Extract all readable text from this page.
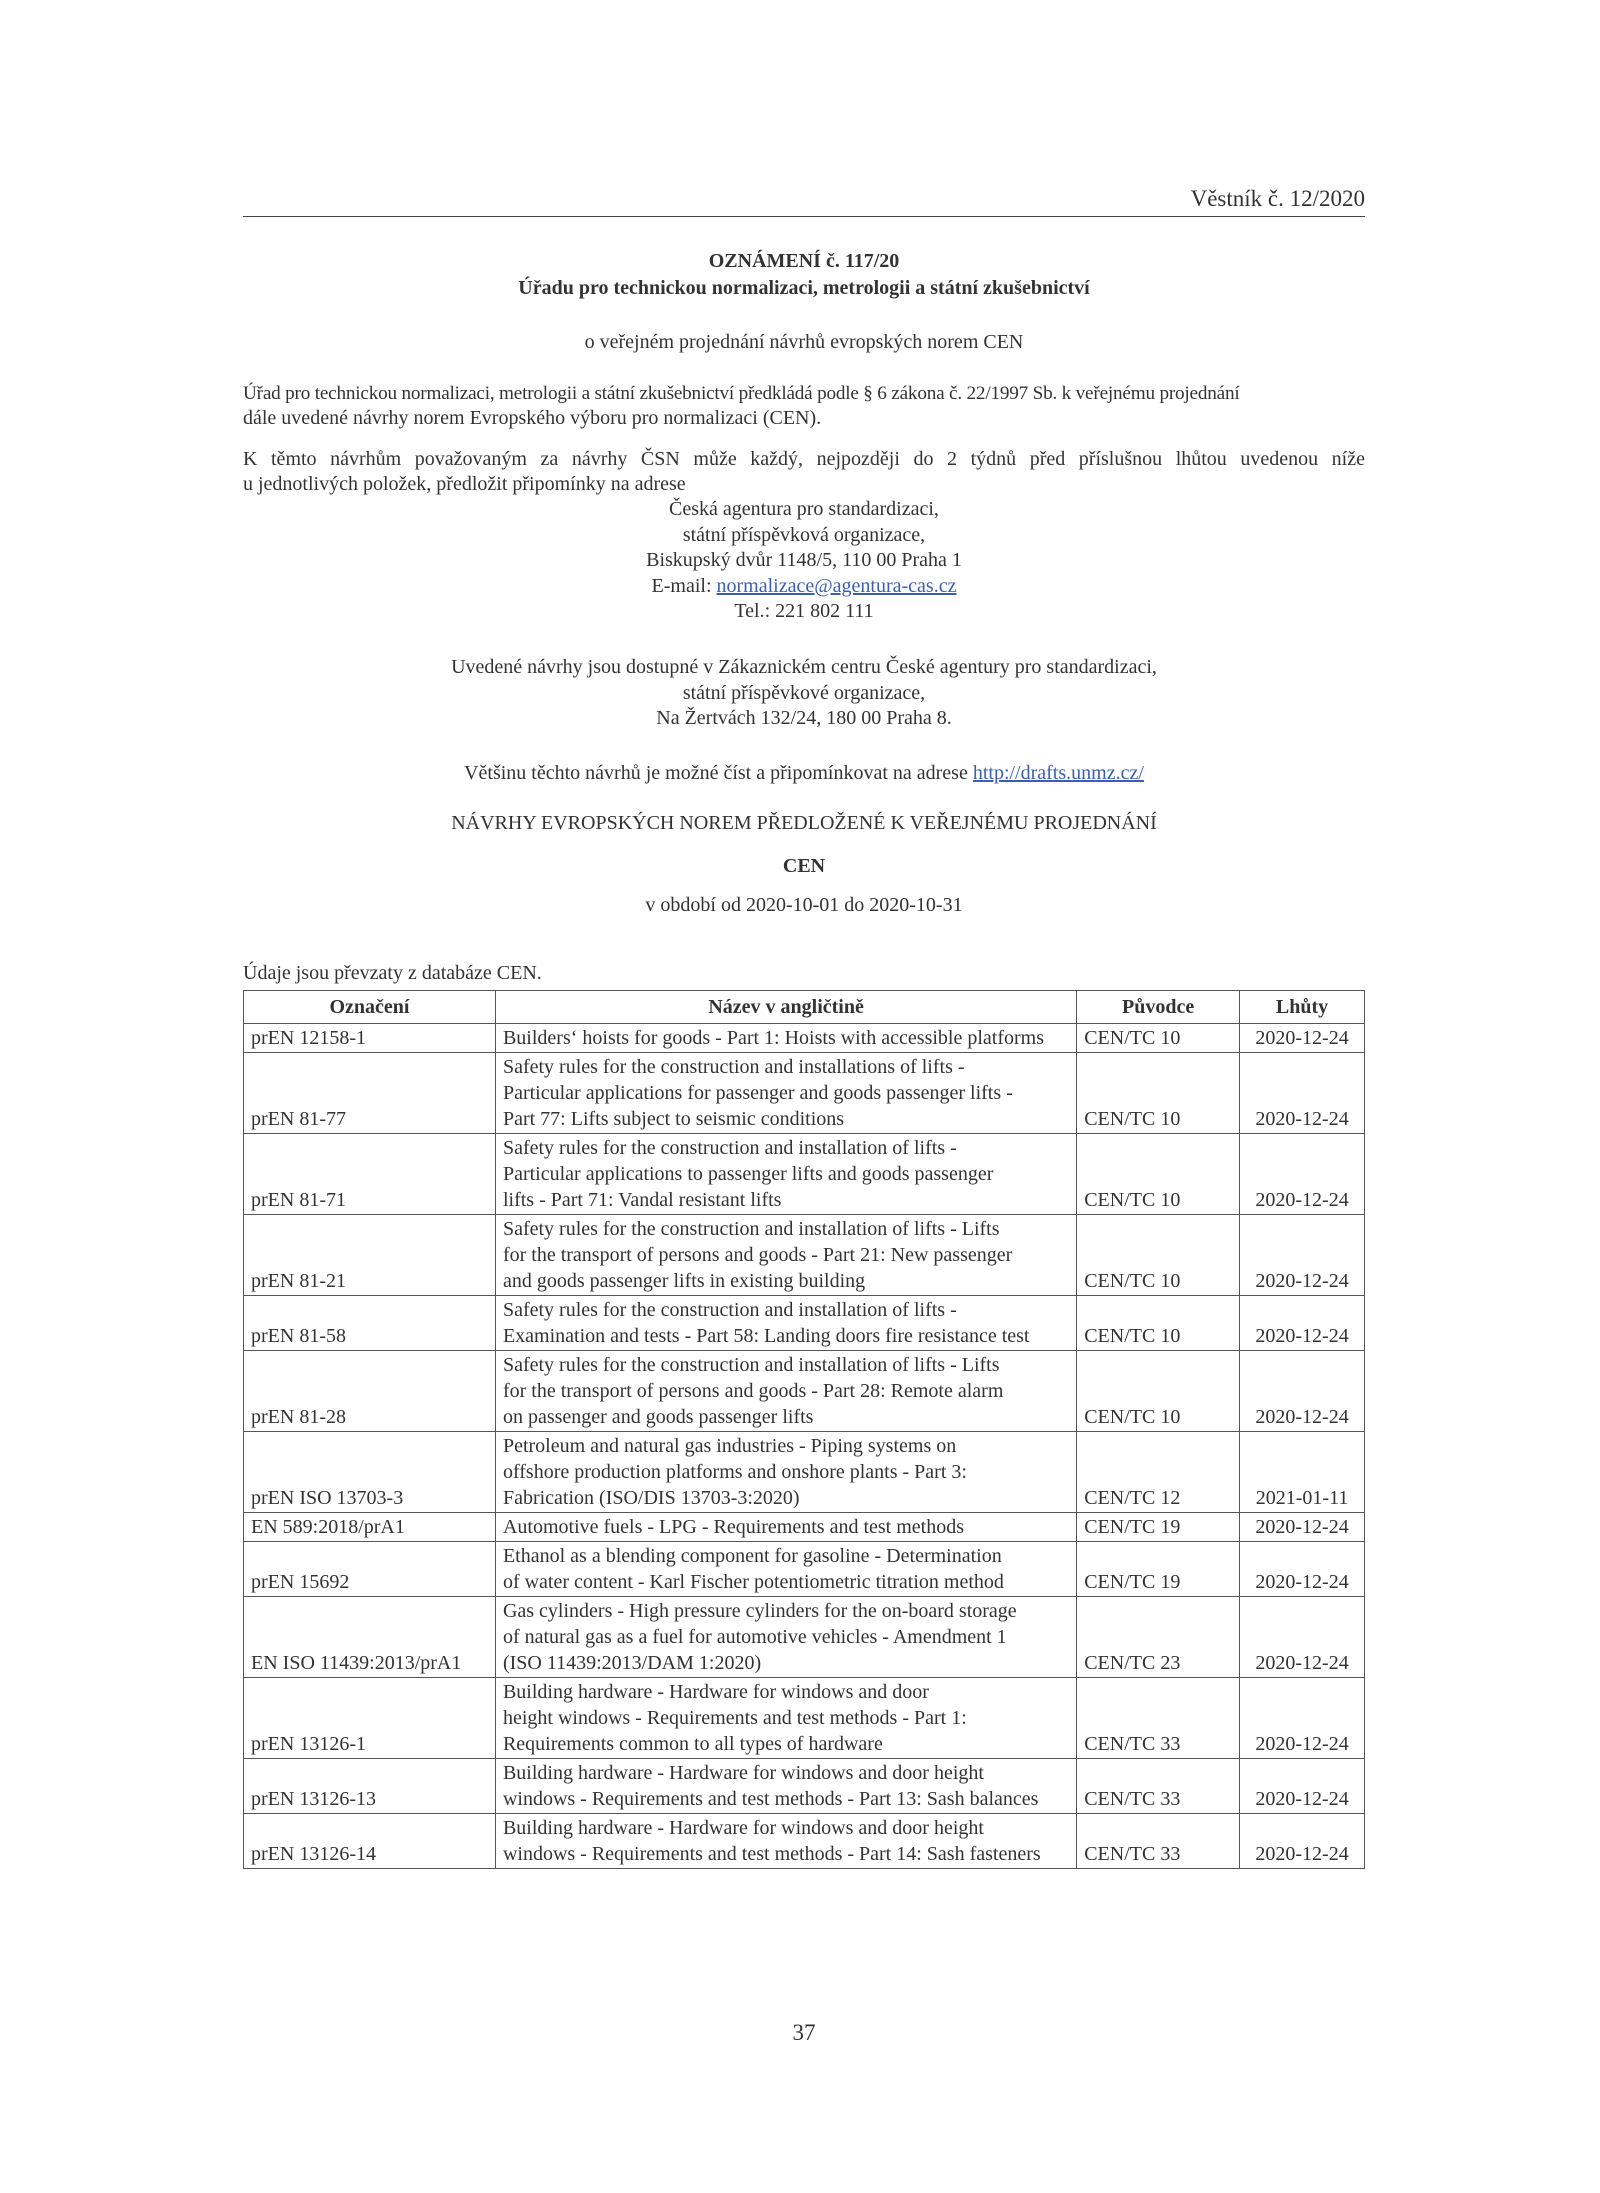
Věstník č. 12/2020
OZNÁMENÍ č. 117/20
Úřadu pro technickou normalizaci, metrologii a státní zkušebnictví
o veřejném projednání návrhů evropských norem CEN
Úřad pro technickou normalizaci, metrologii a státní zkušebnictví předkládá podle § 6 zákona č. 22/1997 Sb. k veřejnému projednání
dále uvedené návrhy norem Evropského výboru pro normalizaci (CEN).
K těmto návrhům považovaným za návrhy ČSN může každý, nejpozději do 2 týdnů před příslušnou lhůtou uvedenou níže
u jednotlivých položek, předložit připomínky na adrese
Česká agentura pro standardizaci,
státní příspěvková organizace,
Biskupský dvůr 1148/5, 110 00 Praha 1
E-mail: normalizace@agentura-cas.cz
Tel.: 221 802 111
Uvedené návrhy jsou dostupné v Zákaznickém centru České agentury pro standardizaci,
státní příspěvkové organizace,
Na Žertvách 132/24, 180 00 Praha 8.
Většinu těchto návrhů je možné číst a připomínkovat na adrese http://drafts.unmz.cz/
NÁVRHY EVROPSKÝCH NOREM PŘEDLOŽENÉ K VEŘEJNÉMU PROJEDNÁNÍ
CEN
v období od 2020-10-01 do 2020-10-31
Údaje jsou převzaty z databáze CEN.
Označení	Název v angličtině	Původce	Lhůty
prEN 12158-1	Builders‘ hoists for goods - Part 1: Hoists with accessible platforms	CEN/TC 10	2020-12-24
prEN 81-77	Safety rules for the construction and installations of lifts -
Particular applications for passenger and goods passenger lifts -
Part 77: Lifts subject to seismic conditions	CEN/TC 10	2020-12-24
prEN 81-71	Safety rules for the construction and installation of lifts -
Particular applications to passenger lifts and goods passenger
lifts - Part 71: Vandal resistant lifts	CEN/TC 10	2020-12-24
prEN 81-21	Safety rules for the construction and installation of lifts - Lifts
for the transport of persons and goods - Part 21: New passenger
and goods passenger lifts in existing building	CEN/TC 10	2020-12-24
prEN 81-58	Safety rules for the construction and installation of lifts -
Examination and tests - Part 58: Landing doors fire resistance test	CEN/TC 10	2020-12-24
prEN 81-28	Safety rules for the construction and installation of lifts - Lifts
for the transport of persons and goods - Part 28: Remote alarm
on passenger and goods passenger lifts	CEN/TC 10	2020-12-24
prEN ISO 13703-3	Petroleum and natural gas industries - Piping systems on
offshore production platforms and onshore plants - Part 3:
Fabrication (ISO/DIS 13703-3:2020)	CEN/TC 12	2021-01-11
EN 589:2018/prA1	Automotive fuels - LPG - Requirements and test methods	CEN/TC 19	2020-12-24
prEN 15692	Ethanol as a blending component for gasoline - Determination
of water content - Karl Fischer potentiometric titration method	CEN/TC 19	2020-12-24
EN ISO 11439:2013/prA1	Gas cylinders - High pressure cylinders for the on-board storage
of natural gas as a fuel for automotive vehicles - Amendment 1
(ISO 11439:2013/DAM 1:2020)	CEN/TC 23	2020-12-24
prEN 13126-1	Building hardware - Hardware for windows and door
height windows - Requirements and test methods - Part 1:
Requirements common to all types of hardware	CEN/TC 33	2020-12-24
prEN 13126-13	Building hardware - Hardware for windows and door height
windows - Requirements and test methods - Part 13: Sash balances	CEN/TC 33	2020-12-24
prEN 13126-14	Building hardware - Hardware for windows and door height
windows - Requirements and test methods - Part 14: Sash fasteners	CEN/TC 33	2020-12-24
37
